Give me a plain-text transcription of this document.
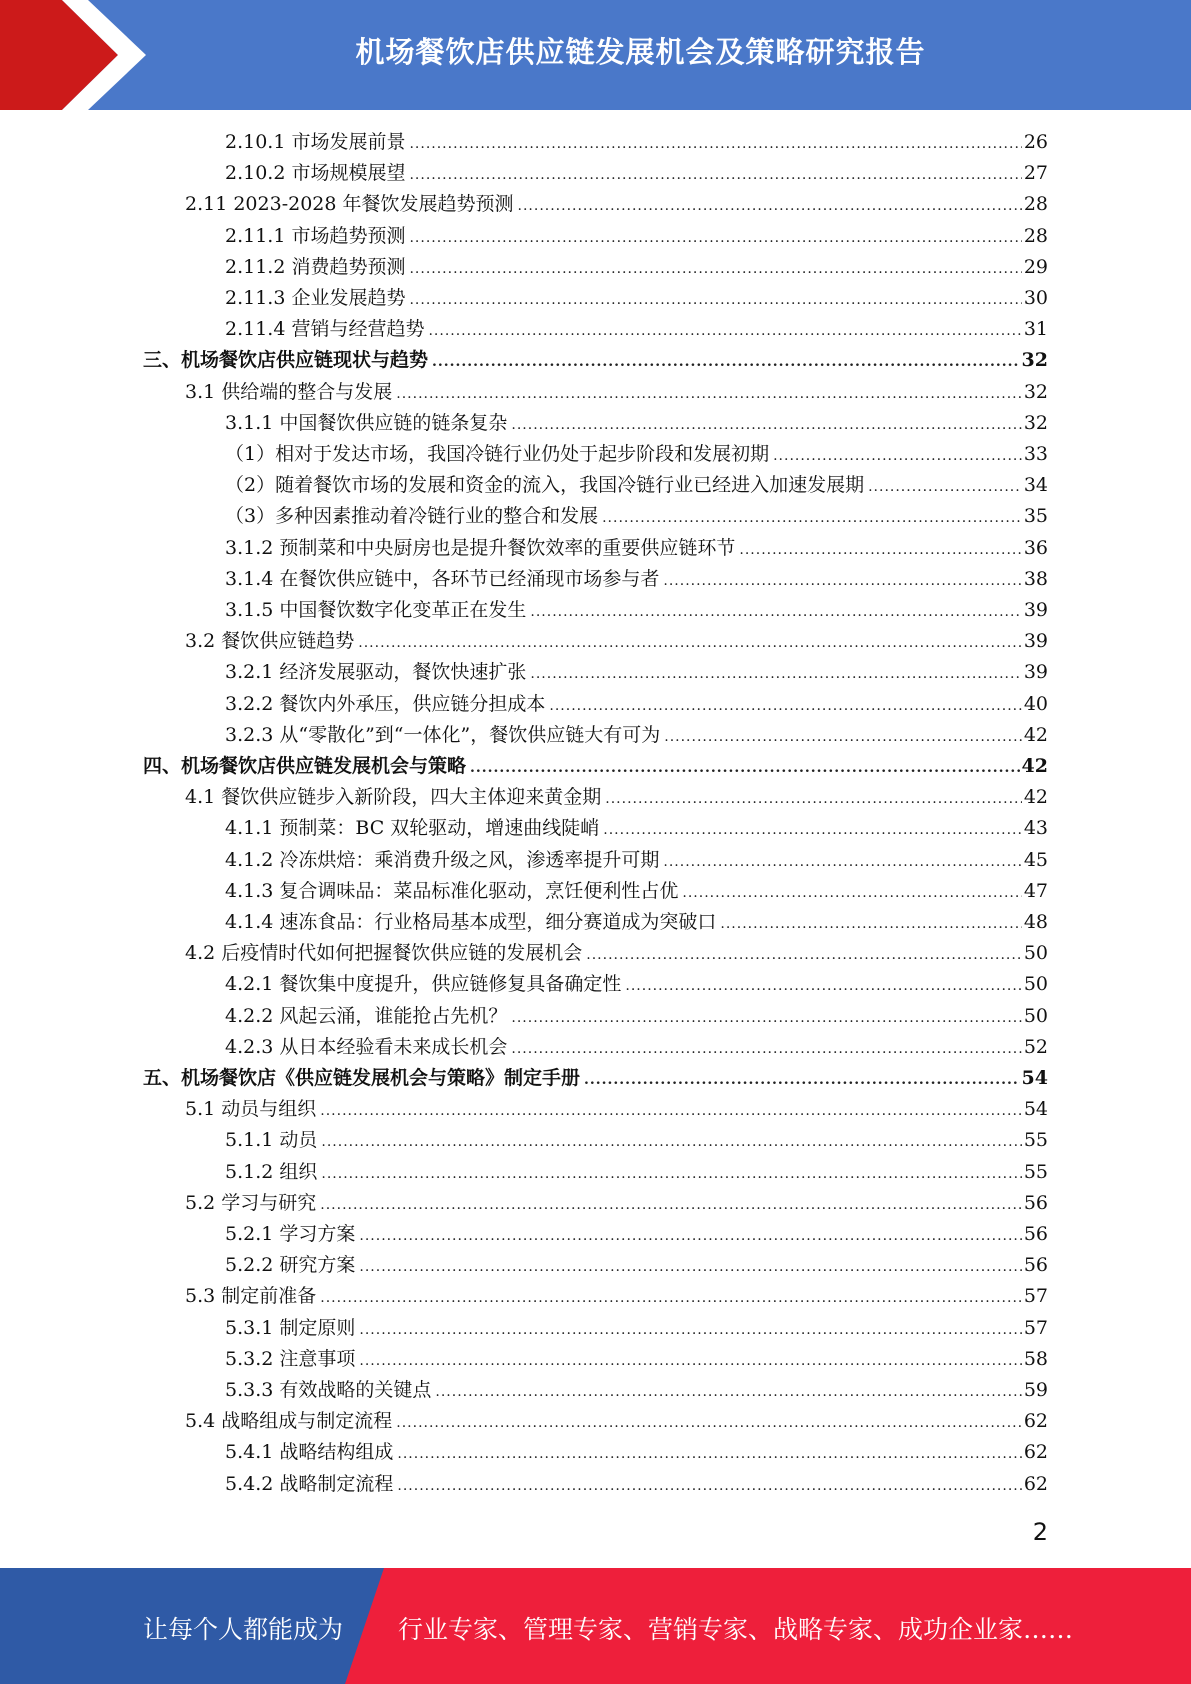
机场餐饮店供应链发展机会及策略研究报告
2.10.1 市场发展前景 .....	26
2.10.2 市场规模展望 .....	27
2.11 2023-2028 年餐饮发展趋势预测 .....	28
2.11.1 市场趋势预测 .....	28
2.11.2 消费趋势预测 .....	29
2.11.3 企业发展趋势 .....	30
2.11.4 营销与经营趋势 .....	31
三、机场餐饮店供应链现状与趋势 .....	32
3.1 供给端的整合与发展 .....	32
3.1.1 中国餐饮供应链的链条复杂 .....	32
（1）相对于发达市场，我国冷链行业仍处于起步阶段和发展初期 .....	33
（2）随着餐饮市场的发展和资金的流入，我国冷链行业已经进入加速发展期 .....	34
（3）多种因素推动着冷链行业的整合和发展 .....	35
3.1.2 预制菜和中央厨房也是提升餐饮效率的重要供应链环节 .....	36
3.1.4 在餐饮供应链中，各环节已经涌现市场参与者 .....	38
3.1.5 中国餐饮数字化变革正在发生 .....	39
3.2 餐饮供应链趋势 .....	39
3.2.1 经济发展驱动，餐饮快速扩张 .....	39
3.2.2 餐饮内外承压，供应链分担成本 .....	40
3.2.3 从“零散化”到“一体化”，餐饮供应链大有可为 .....	42
四、机场餐饮店供应链发展机会与策略 .....	42
4.1 餐饮供应链步入新阶段，四大主体迎来黄金期 .....	42
4.1.1 预制菜：BC 双轮驱动，增速曲线陡峭 .....	43
4.1.2 冷冻烘焙：乘消费升级之风，渗透率提升可期 .....	45
4.1.3 复合调味品：菜品标准化驱动，烹饪便利性占优 .....	47
4.1.4 速冻食品：行业格局基本成型，细分赛道成为突破口 .....	48
4.2 后疫情时代如何把握餐饮供应链的发展机会 .....	50
4.2.1 餐饮集中度提升，供应链修复具备确定性 .....	50
4.2.2 风起云涌，谁能抢占先机？ .....	50
4.2.3 从日本经验看未来成长机会 .....	52
五、机场餐饮店《供应链发展机会与策略》制定手册 .....	54
5.1 动员与组织 .....	54
5.1.1 动员 .....	55
5.1.2 组织 .....	55
5.2 学习与研究 .....	56
5.2.1 学习方案 .....	56
5.2.2 研究方案 .....	56
5.3 制定前准备 .....	57
5.3.1 制定原则 .....	57
5.3.2 注意事项 .....	58
5.3.3 有效战略的关键点 .....	59
5.4 战略组成与制定流程 .....	62
5.4.1 战略结构组成 .....	62
5.4.2 战略制定流程 .....	62
2
让每个人都能成为 行业专家、管理专家、营销专家、战略专家、成功企业家……
